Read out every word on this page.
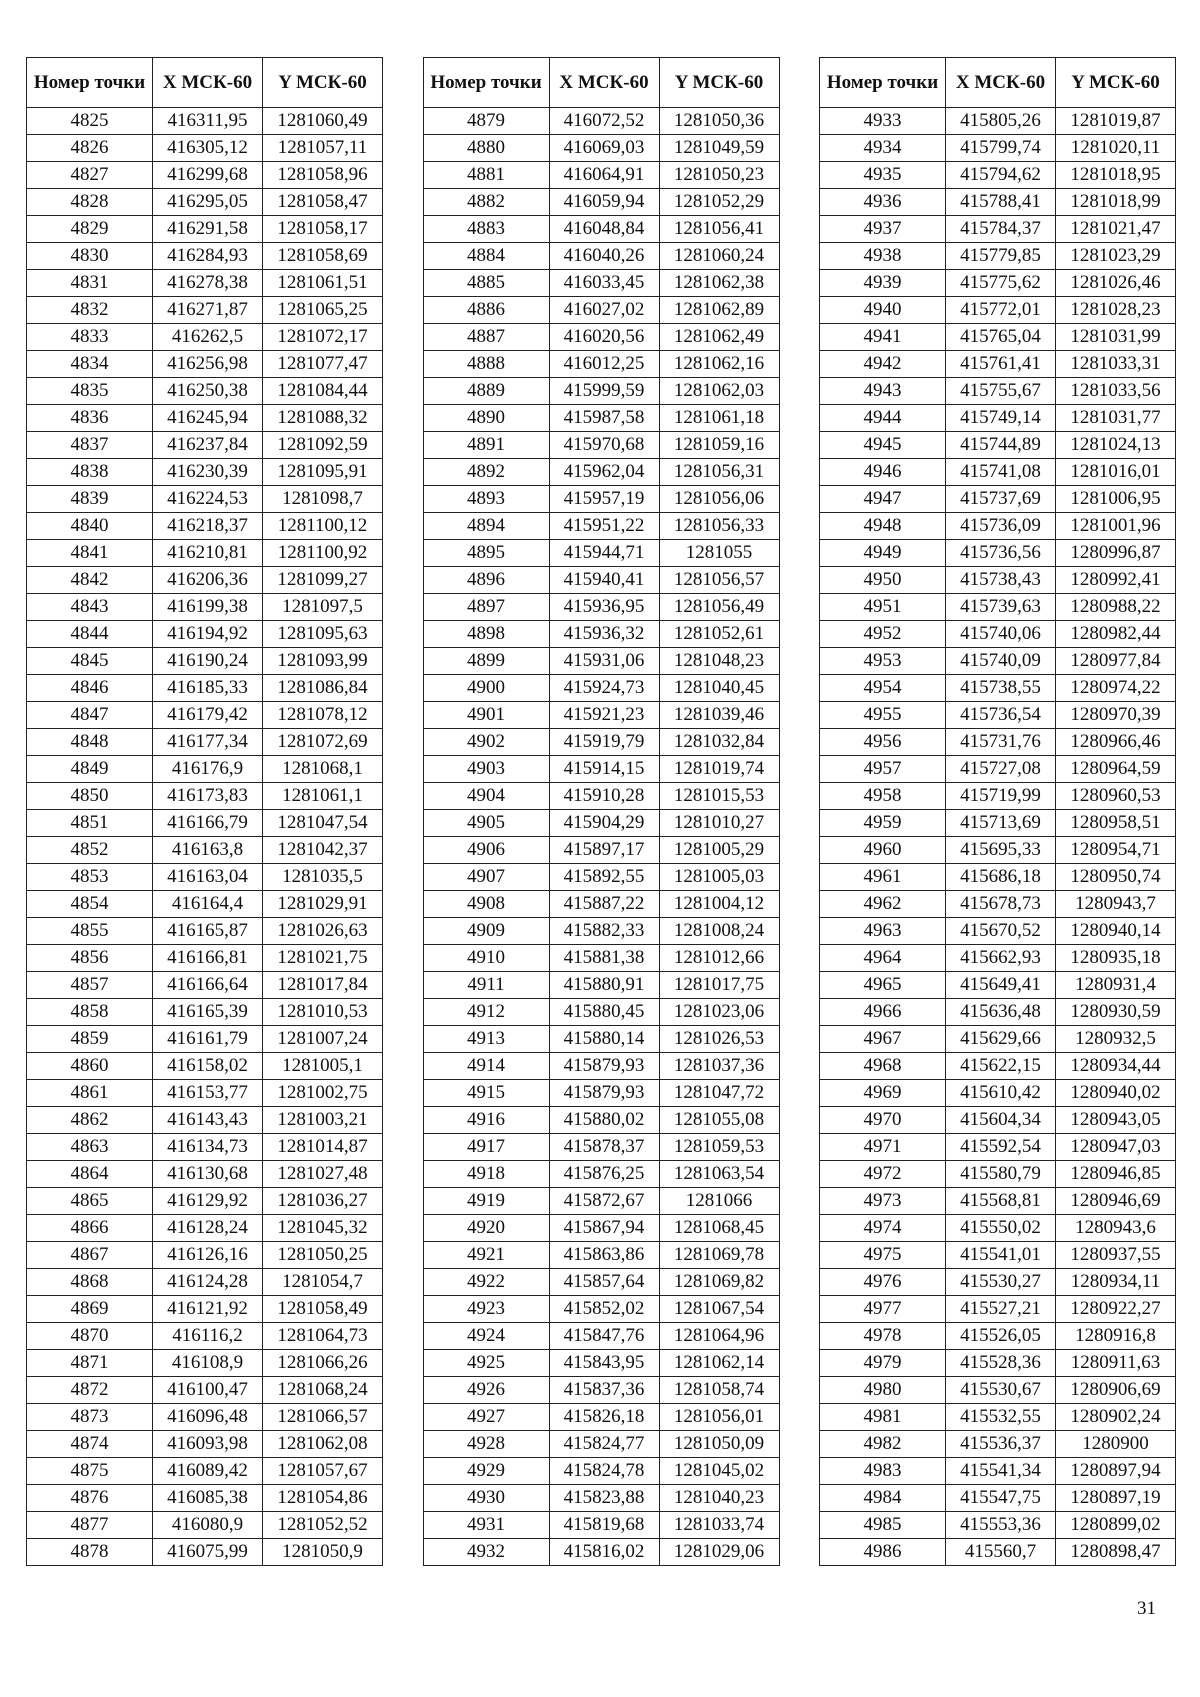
Номер точки	X МСК-60	Y МСК-60
4825	416311,95	1281060,49
4826	416305,12	1281057,11
4827	416299,68	1281058,96
4828	416295,05	1281058,47
4829	416291,58	1281058,17
4830	416284,93	1281058,69
4831	416278,38	1281061,51
4832	416271,87	1281065,25
4833	416262,5	1281072,17
4834	416256,98	1281077,47
4835	416250,38	1281084,44
4836	416245,94	1281088,32
4837	416237,84	1281092,59
4838	416230,39	1281095,91
4839	416224,53	1281098,7
4840	416218,37	1281100,12
4841	416210,81	1281100,92
4842	416206,36	1281099,27
4843	416199,38	1281097,5
4844	416194,92	1281095,63
4845	416190,24	1281093,99
4846	416185,33	1281086,84
4847	416179,42	1281078,12
4848	416177,34	1281072,69
4849	416176,9	1281068,1
4850	416173,83	1281061,1
4851	416166,79	1281047,54
4852	416163,8	1281042,37
4853	416163,04	1281035,5
4854	416164,4	1281029,91
4855	416165,87	1281026,63
4856	416166,81	1281021,75
4857	416166,64	1281017,84
4858	416165,39	1281010,53
4859	416161,79	1281007,24
4860	416158,02	1281005,1
4861	416153,77	1281002,75
4862	416143,43	1281003,21
4863	416134,73	1281014,87
4864	416130,68	1281027,48
4865	416129,92	1281036,27
4866	416128,24	1281045,32
4867	416126,16	1281050,25
4868	416124,28	1281054,7
4869	416121,92	1281058,49
4870	416116,2	1281064,73
4871	416108,9	1281066,26
4872	416100,47	1281068,24
4873	416096,48	1281066,57
4874	416093,98	1281062,08
4875	416089,42	1281057,67
4876	416085,38	1281054,86
4877	416080,9	1281052,52
4878	416075,99	1281050,9
Номер точки	X МСК-60	Y МСК-60
4879	416072,52	1281050,36
4880	416069,03	1281049,59
4881	416064,91	1281050,23
4882	416059,94	1281052,29
4883	416048,84	1281056,41
4884	416040,26	1281060,24
4885	416033,45	1281062,38
4886	416027,02	1281062,89
4887	416020,56	1281062,49
4888	416012,25	1281062,16
4889	415999,59	1281062,03
4890	415987,58	1281061,18
4891	415970,68	1281059,16
4892	415962,04	1281056,31
4893	415957,19	1281056,06
4894	415951,22	1281056,33
4895	415944,71	1281055
4896	415940,41	1281056,57
4897	415936,95	1281056,49
4898	415936,32	1281052,61
4899	415931,06	1281048,23
4900	415924,73	1281040,45
4901	415921,23	1281039,46
4902	415919,79	1281032,84
4903	415914,15	1281019,74
4904	415910,28	1281015,53
4905	415904,29	1281010,27
4906	415897,17	1281005,29
4907	415892,55	1281005,03
4908	415887,22	1281004,12
4909	415882,33	1281008,24
4910	415881,38	1281012,66
4911	415880,91	1281017,75
4912	415880,45	1281023,06
4913	415880,14	1281026,53
4914	415879,93	1281037,36
4915	415879,93	1281047,72
4916	415880,02	1281055,08
4917	415878,37	1281059,53
4918	415876,25	1281063,54
4919	415872,67	1281066
4920	415867,94	1281068,45
4921	415863,86	1281069,78
4922	415857,64	1281069,82
4923	415852,02	1281067,54
4924	415847,76	1281064,96
4925	415843,95	1281062,14
4926	415837,36	1281058,74
4927	415826,18	1281056,01
4928	415824,77	1281050,09
4929	415824,78	1281045,02
4930	415823,88	1281040,23
4931	415819,68	1281033,74
4932	415816,02	1281029,06
Номер точки	X МСК-60	Y МСК-60
4933	415805,26	1281019,87
4934	415799,74	1281020,11
4935	415794,62	1281018,95
4936	415788,41	1281018,99
4937	415784,37	1281021,47
4938	415779,85	1281023,29
4939	415775,62	1281026,46
4940	415772,01	1281028,23
4941	415765,04	1281031,99
4942	415761,41	1281033,31
4943	415755,67	1281033,56
4944	415749,14	1281031,77
4945	415744,89	1281024,13
4946	415741,08	1281016,01
4947	415737,69	1281006,95
4948	415736,09	1281001,96
4949	415736,56	1280996,87
4950	415738,43	1280992,41
4951	415739,63	1280988,22
4952	415740,06	1280982,44
4953	415740,09	1280977,84
4954	415738,55	1280974,22
4955	415736,54	1280970,39
4956	415731,76	1280966,46
4957	415727,08	1280964,59
4958	415719,99	1280960,53
4959	415713,69	1280958,51
4960	415695,33	1280954,71
4961	415686,18	1280950,74
4962	415678,73	1280943,7
4963	415670,52	1280940,14
4964	415662,93	1280935,18
4965	415649,41	1280931,4
4966	415636,48	1280930,59
4967	415629,66	1280932,5
4968	415622,15	1280934,44
4969	415610,42	1280940,02
4970	415604,34	1280943,05
4971	415592,54	1280947,03
4972	415580,79	1280946,85
4973	415568,81	1280946,69
4974	415550,02	1280943,6
4975	415541,01	1280937,55
4976	415530,27	1280934,11
4977	415527,21	1280922,27
4978	415526,05	1280916,8
4979	415528,36	1280911,63
4980	415530,67	1280906,69
4981	415532,55	1280902,24
4982	415536,37	1280900
4983	415541,34	1280897,94
4984	415547,75	1280897,19
4985	415553,36	1280899,02
4986	415560,7	1280898,47
31
